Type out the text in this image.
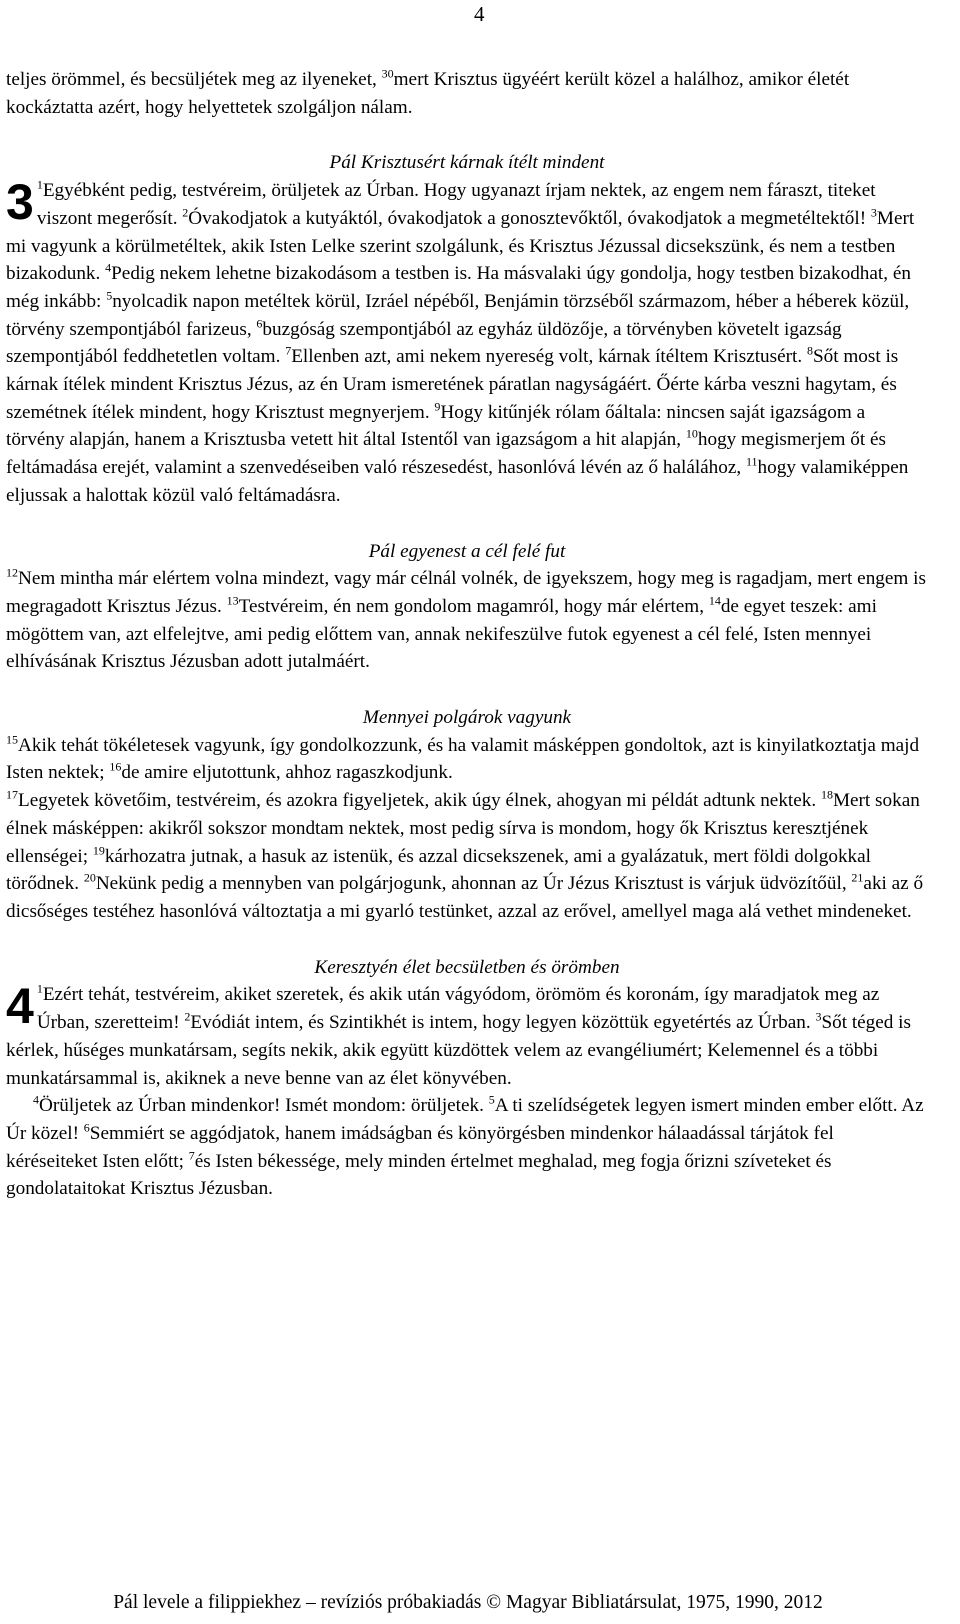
4

teljes örömmel, és becsüljétek meg az ilyeneket, $^{30}$mert Krisztus ügyéért került közel a halálhoz, amikor életét kockáztatta azért, hogy helyettetek szolgáljon nálam.

Pál Krisztusért kárnak ítélt mindent

3 $^1$Egyébként pedig, testvéreim, örüljetek az Úrban. Hogy ugyanazt írjam nektek, az engem nem fáraszt, titeket viszont megerősít. $^2$Óvakodjatok a kutyáktól, óvakodjatok a gonosztevőktől, óvakodjatok a megmetéltektől! $^3$Mert mi vagyunk a körülmetéltek, akik Isten Lelke szerint szolgálunk, és Krisztus Jézussal dicsekszünk, és nem a testben bizakodunk. $^4$Pedig nekem lehetne bizakodásom a testben is. Ha másvalaki úgy gondolja, hogy testben bizakodhat, én még inkább: $^5$nyolcadik napon metéltek körül, Izráel népéből, Benjámin törzséből származom, héber a héberek közül, törvény szempontjából farizeus, $^6$buzgóság szempontjából az egyház üldözője, a törvényben követelt igazság szempontjából feddhetetlen voltam. $^7$Ellenben azt, ami nekem nyereség volt, kárnak ítéltem Krisztusért. $^8$Sőt most is kárnak ítélek mindent Krisztus Jézus, az én Uram ismeretének páratlan nagyságáért. Őérte kárba veszni hagytam, és szemétnek ítélek mindent, hogy Krisztust megnyerjem. $^9$Hogy kitűnjék rólam őáltala: nincsen saját igazságom a törvény alapján, hanem a Krisztusba vetett hit által Istentől van igazságom a hit alapján, $^{10}$hogy megismerjem őt és feltámadása erejét, valamint a szenvedéseiben való részesedést, hasonlóvá lévén az ő halálához, $^{11}$hogy valamiképpen eljussak a halottak közül való feltámadásra.

Pál egyenest a cél felé fut

$^{12}$Nem mintha már elértem volna mindezt, vagy már célnál volnék, de igyekszem, hogy meg is ragadjam, mert engem is megragadott Krisztus Jézus. $^{13}$Testvéreim, én nem gondolom magamról, hogy már elértem, $^{14}$de egyet teszek: ami mögöttem van, azt elfelejtve, ami pedig előttem van, annak nekifeszülve futok egyenest a cél felé, Isten mennyei elhívásának Krisztus Jézusban adott jutalmáért.

Mennyei polgárok vagyunk

$^{15}$Akik tehát tökéletesek vagyunk, így gondolkozzunk, és ha valamit másképpen gondoltok, azt is kinyilatkoztatja majd Isten nektek; $^{16}$de amire eljutottunk, ahhoz ragaszkodjunk.
$^{17}$Legyetek követőim, testvéreim, és azokra figyeljetek, akik úgy élnek, ahogyan mi példát adtunk nektek. $^{18}$Mert sokan élnek másképpen: akikről sokszor mondtam nektek, most pedig sírva is mondom, hogy ők Krisztus keresztjének ellenségei; $^{19}$kárhozatra jutnak, a hasuk az istenük, és azzal dicsekszenek, ami a gyalázatuk, mert földi dolgokkal törődnek. $^{20}$Nekünk pedig a mennyben van polgárjogunk, ahonnan az Úr Jézus Krisztust is várjuk üdvözítőül, $^{21}$aki az ő dicsőséges testéhez hasonlóvá változtatja a mi gyarló testünket, azzal az erővel, amellyel maga alá vethet mindeneket.

Keresztyén élet becsületben és örömben

4 $^1$Ezért tehát, testvéreim, akiket szeretek, és akik után vágyódom, örömöm és koronám, így maradjatok meg az Úrban, szeretteim! $^2$Evódiát intem, és Szintikhét is intem, hogy legyen közöttük egyetértés az Úrban. $^3$Sőt téged is kérlek, hűséges munkatársam, segíts nekik, akik együtt küzdöttek velem az evangéliumért; Kelemennel és a többi munkatársammal is, akiknek a neve benne van az élet könyvében.

$^4$Örüljetek az Úrban mindenkor! Ismét mondom: örüljetek. $^5$A ti szelídségetek legyen ismert minden ember előtt. Az Úr közel! $^6$Semmiért se aggódjatok, hanem imádságban és könyörgésben mindenkor hálaadással tárjátok fel kéréseiteket Isten előtt; $^7$és Isten békessége, mely minden értelmet meghalad, meg fogja őrizni szíveteket és gondolataitokat Krisztus Jézusban.

Pál levele a filippiekhez – revíziós próbakiadás © Magyar Bibliatársulat, 1975, 1990, 2012
